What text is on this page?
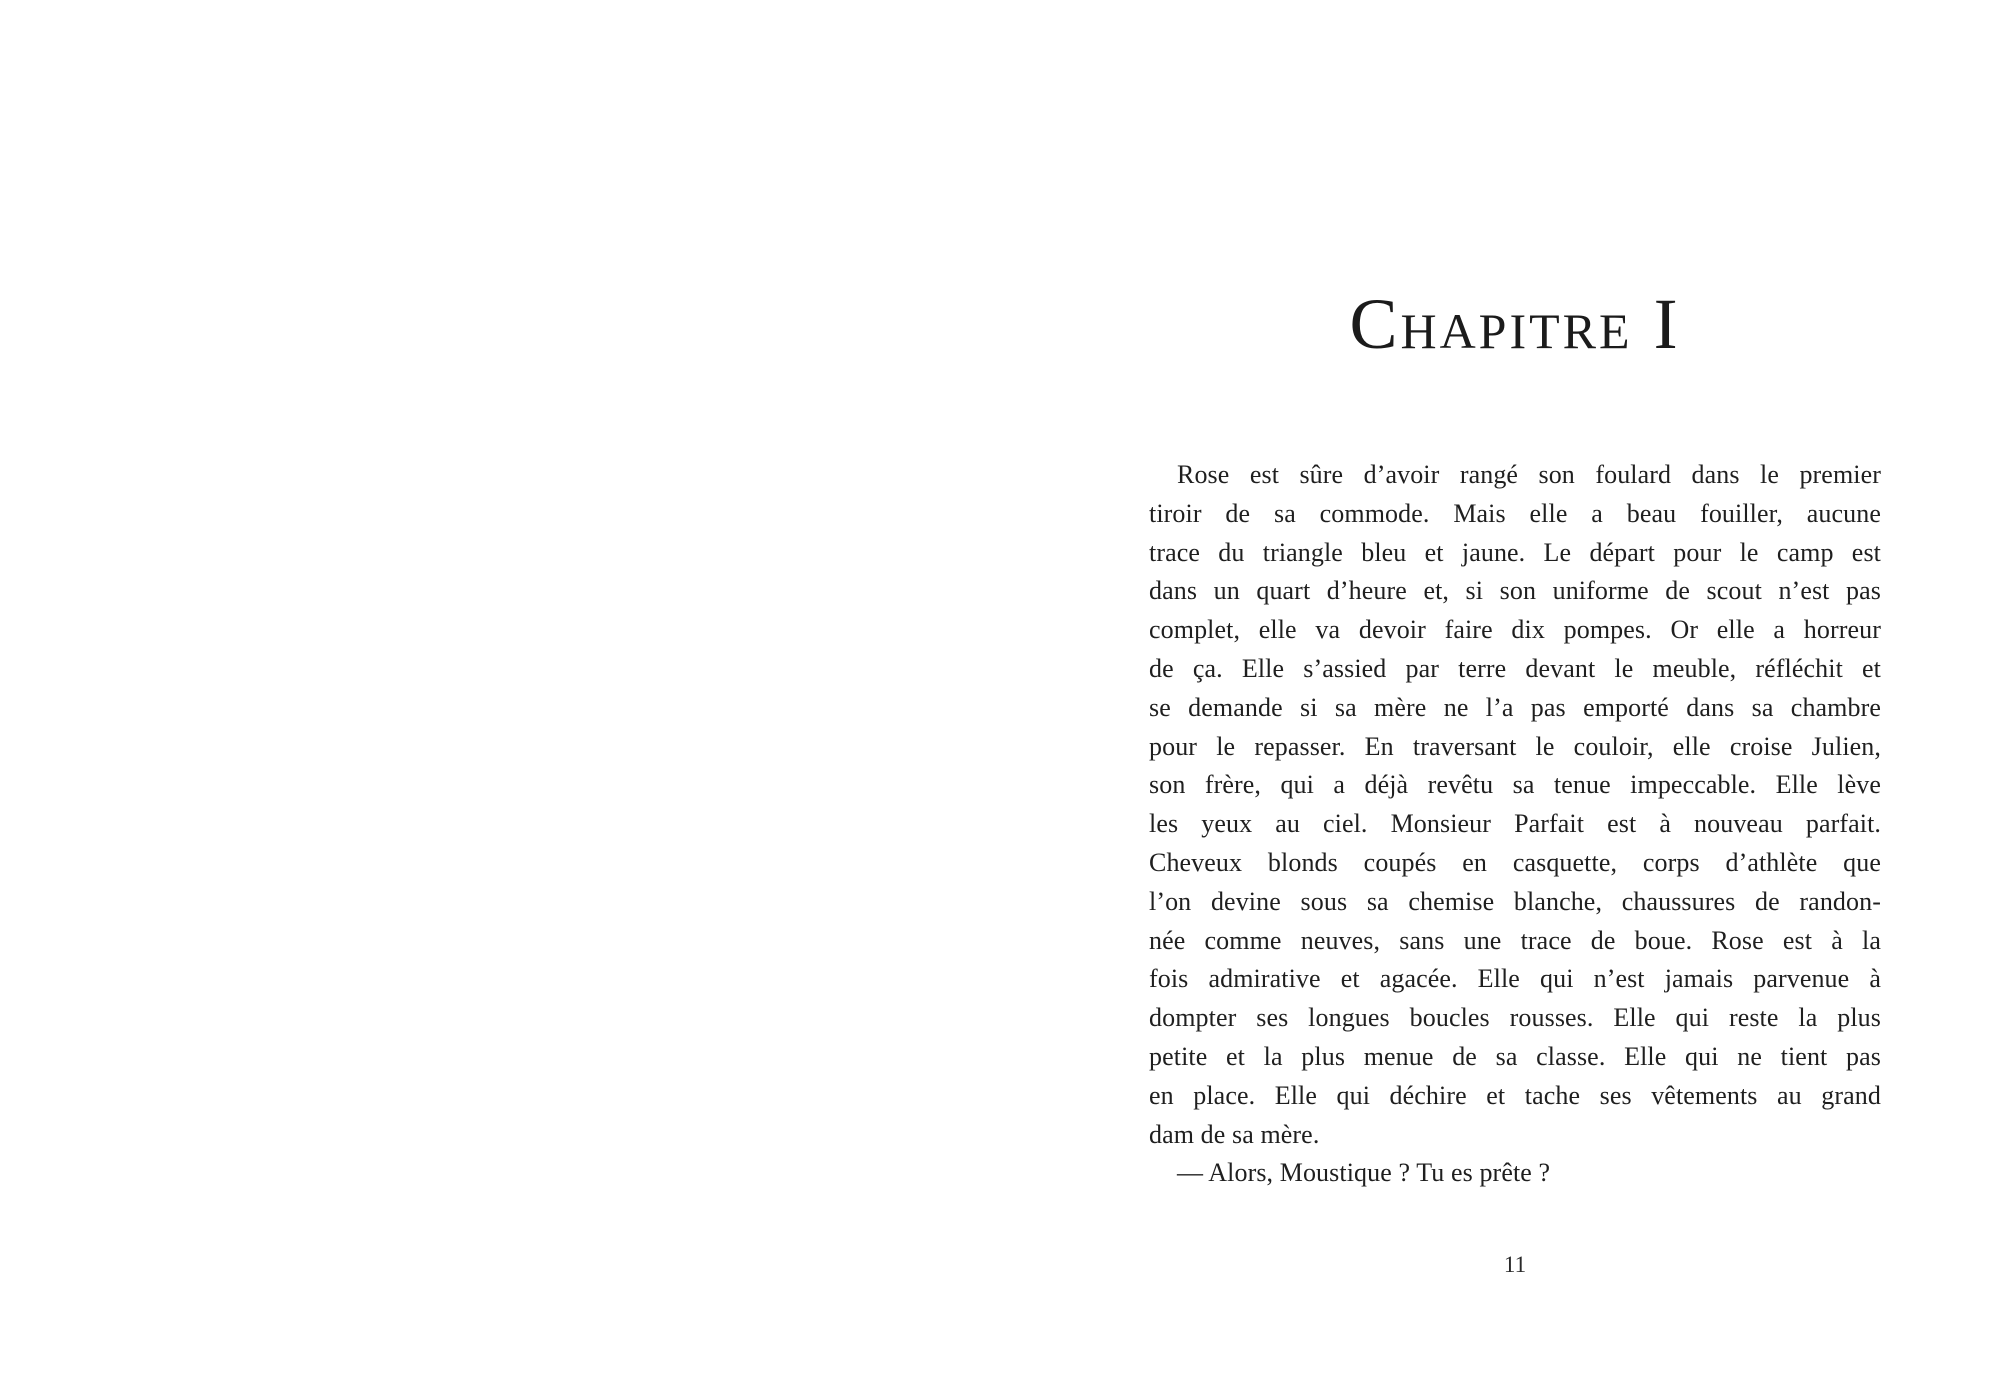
Chapitre I
Rose est sûre d’avoir rangé son foulard dans le premier
tiroir de sa commode. Mais elle a beau fouiller, aucune
trace du triangle bleu et jaune. Le départ pour le camp est
dans un quart d’heure et, si son uniforme de scout n’est pas
complet, elle va devoir faire dix pompes. Or elle a horreur
de ça. Elle s’assied par terre devant le meuble, réfléchit et
se demande si sa mère ne l’a pas emporté dans sa chambre
pour le repasser. En traversant le couloir, elle croise Julien,
son frère, qui a déjà revêtu sa tenue impeccable. Elle lève
les yeux au ciel. Monsieur Parfait est à nouveau parfait.
Cheveux blonds coupés en casquette, corps d’athlète que
l’on devine sous sa chemise blanche, chaussures de randon-
née comme neuves, sans une trace de boue. Rose est à la
fois admirative et agacée. Elle qui n’est jamais parvenue à
dompter ses longues boucles rousses. Elle qui reste la plus
petite et la plus menue de sa classe. Elle qui ne tient pas
en place. Elle qui déchire et tache ses vêtements au grand
dam de sa mère.
— Alors, Moustique ? Tu es prête ?
11
